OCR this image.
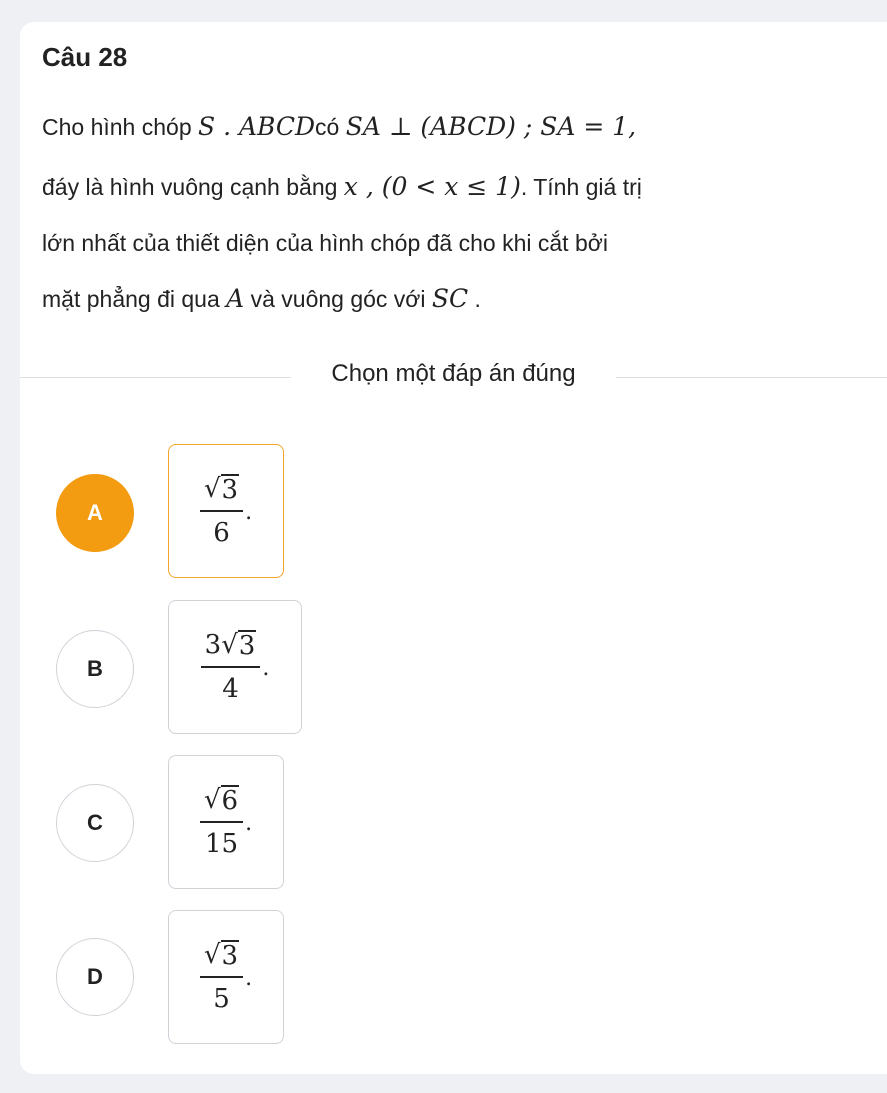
Câu 28
Cho hình chóp S . ABCDcó SA ⊥ (ABCD) ; SA = 1,
đáy là hình vuông cạnh bằng x , (0 < x ≤ 1). Tính giá trị
lớn nhất của thiết diện của hình chóp đã cho khi cắt bởi
mặt phẳng đi qua A và vuông góc với SC .
Chọn một đáp án đúng
A	$\frac{√ 3}{6}$ .
B	$\frac{3 √ 3}{4}$ .
C	$\frac{√ 6}{15}$ .
D	$\frac{√ 3}{5}$ .
